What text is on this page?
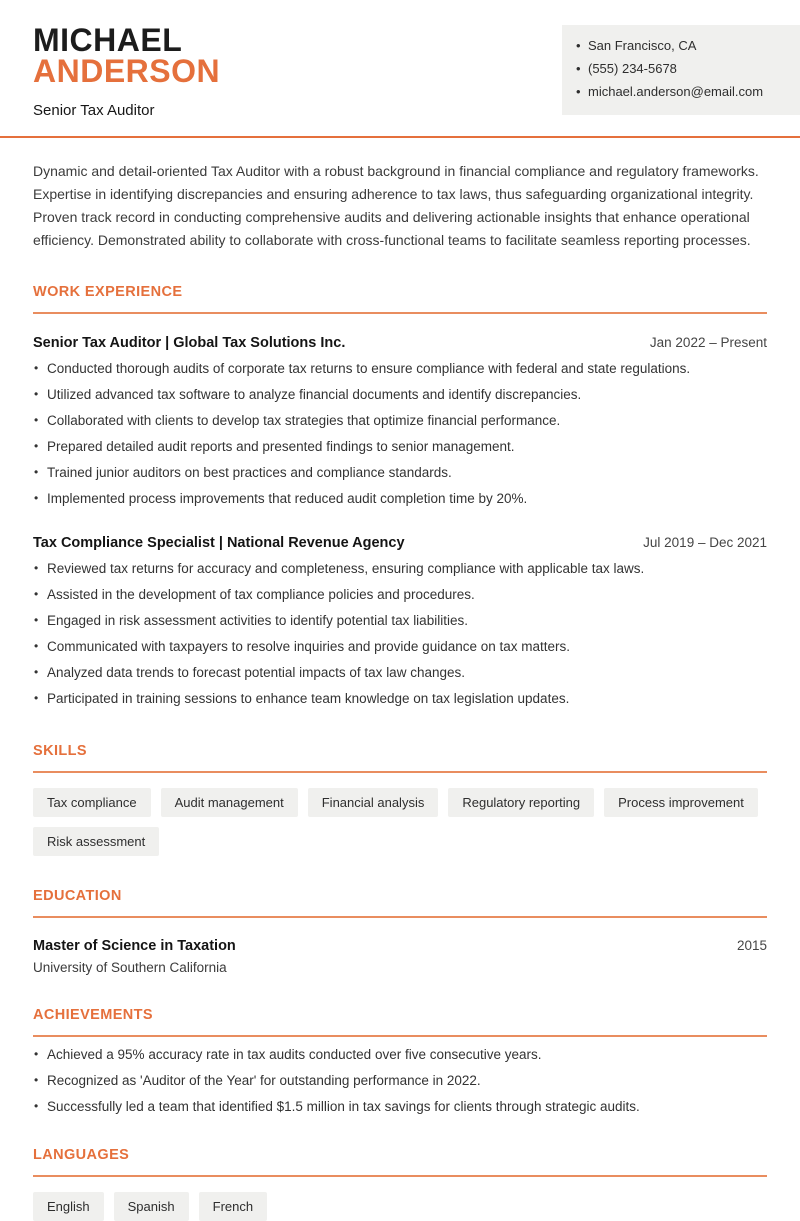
MICHAEL
ANDERSON
Senior Tax Auditor
• San Francisco, CA
• (555) 234-5678
• michael.anderson@email.com

Dynamic and detail-oriented Tax Auditor with a robust background in financial compliance and regulatory frameworks. Expertise in identifying discrepancies and ensuring adherence to tax laws, thus safeguarding organizational integrity. Proven track record in conducting comprehensive audits and delivering actionable insights that enhance operational efficiency. Demonstrated ability to collaborate with cross-functional teams to facilitate seamless reporting processes.

WORK EXPERIENCE
Senior Tax Auditor | Global Tax Solutions Inc.	Jan 2022 – Present
• Conducted thorough audits of corporate tax returns to ensure compliance with federal and state regulations.
• Utilized advanced tax software to analyze financial documents and identify discrepancies.
• Collaborated with clients to develop tax strategies that optimize financial performance.
• Prepared detailed audit reports and presented findings to senior management.
• Trained junior auditors on best practices and compliance standards.
• Implemented process improvements that reduced audit completion time by 20%.
Tax Compliance Specialist | National Revenue Agency	Jul 2019 – Dec 2021
• Reviewed tax returns for accuracy and completeness, ensuring compliance with applicable tax laws.
• Assisted in the development of tax compliance policies and procedures.
• Engaged in risk assessment activities to identify potential tax liabilities.
• Communicated with taxpayers to resolve inquiries and provide guidance on tax matters.
• Analyzed data trends to forecast potential impacts of tax law changes.
• Participated in training sessions to enhance team knowledge on tax legislation updates.
SKILLS
Tax compliance	Audit management	Financial analysis	Regulatory reporting	Process improvement
Risk assessment
EDUCATION
Master of Science in Taxation	2015
University of Southern California
ACHIEVEMENTS
• Achieved a 95% accuracy rate in tax audits conducted over five consecutive years.
• Recognized as 'Auditor of the Year' for outstanding performance in 2022.
• Successfully led a team that identified $1.5 million in tax savings for clients through strategic audits.
LANGUAGES
English	Spanish	French
